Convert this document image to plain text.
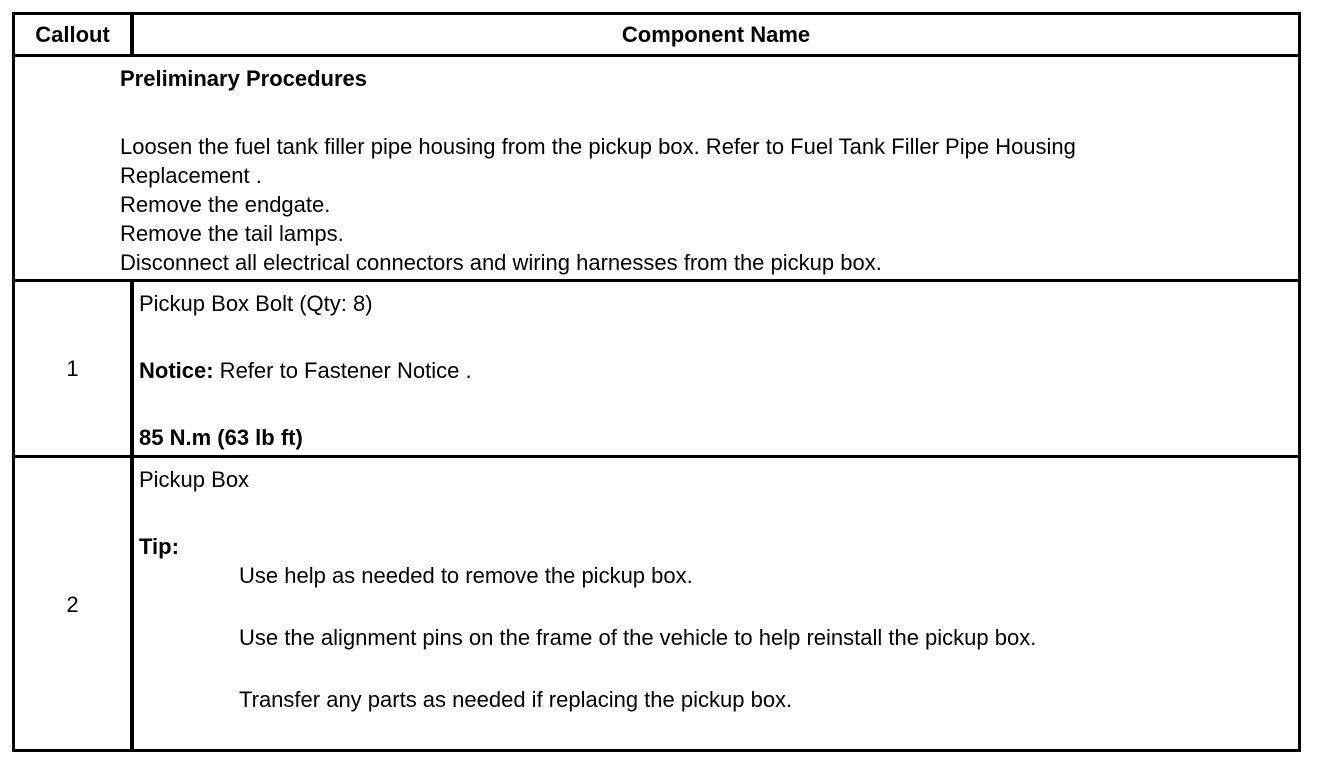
Callout	Component Name
Preliminary Procedures
Loosen the fuel tank filler pipe housing from the pickup box. Refer to Fuel Tank Filler Pipe Housing
Replacement .
Remove the endgate.
Remove the tail lamps.
Disconnect all electrical connectors and wiring harnesses from the pickup box.
1
Pickup Box Bolt (Qty: 8)
Notice: Refer to Fastener Notice .
85 N.m (63 lb ft)
2
Pickup Box
Tip:
Use help as needed to remove the pickup box.
Use the alignment pins on the frame of the vehicle to help reinstall the pickup box.
Transfer any parts as needed if replacing the pickup box.
